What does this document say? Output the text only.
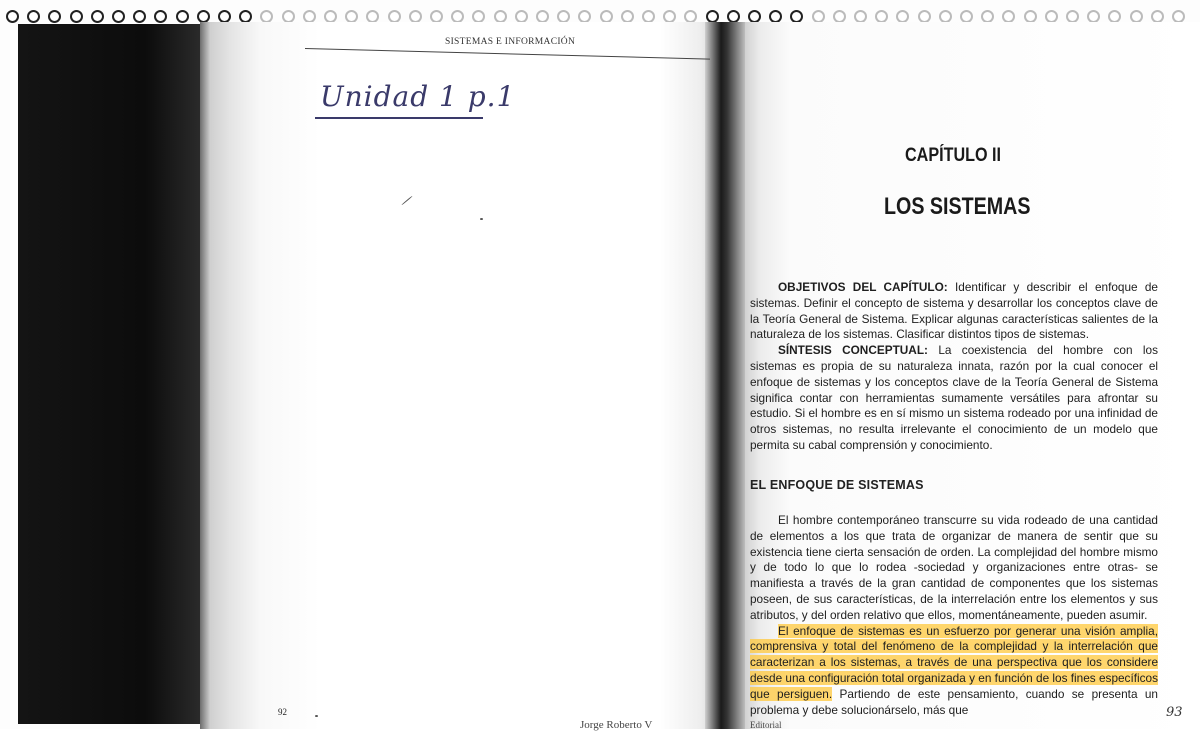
SISTEMAS E INFORMACIÓN
Unidad 1 p.1
92
Jorge Roberto V
CAPÍTULO II
LOS SISTEMAS

OBJETIVOS DEL CAPÍTULO: Identificar y describir el enfoque de sistemas. Definir el concepto de sistema y desarrollar los conceptos clave de la Teoría General de Sistema. Explicar algunas características salientes de la naturaleza de los sistemas. Clasificar distintos tipos de sistemas.

SÍNTESIS CONCEPTUAL: La coexistencia del hombre con los sistemas es propia de su naturaleza innata, razón por la cual conocer el enfoque de sistemas y los conceptos clave de la Teoría General de Sistema significa contar con herramientas sumamente versátiles para afrontar su estudio. Si el hombre es en sí mismo un sistema rodeado por una infinidad de otros sistemas, no resulta irrelevante el conocimiento de un modelo que permita su cabal comprensión y conocimiento.

EL ENFOQUE DE SISTEMAS

El hombre contemporáneo transcurre su vida rodeado de una cantidad de elementos a los que trata de organizar de manera de sentir que su existencia tiene cierta sensación de orden. La complejidad del hombre mismo y de todo lo que lo rodea -sociedad y organizaciones entre otras- se manifiesta a través de la gran cantidad de componentes que los sistemas poseen, de sus características, de la interrelación entre los elementos y sus atributos, y del orden relativo que ellos, momentáneamente, pueden asumir.

El enfoque de sistemas es un esfuerzo por generar una visión amplia, comprensiva y total del fenómeno de la complejidad y la interrelación que caracterizan a los sistemas, a través de una perspectiva que los considere desde una configuración total organizada y en función de los fines específicos que persiguen. Partiendo de este pensamiento, cuando se presenta un problema y debe solucionárselo, más que

Editorial
93
